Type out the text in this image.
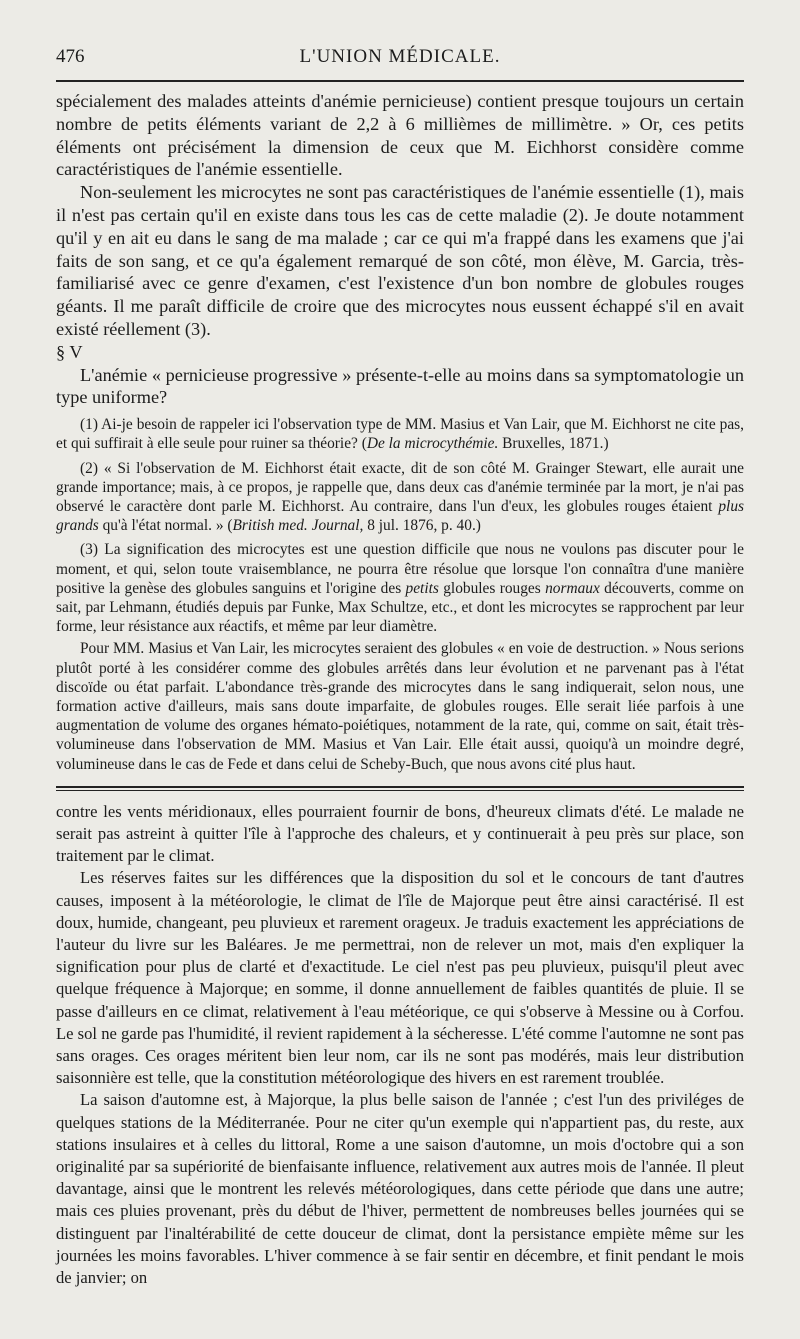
476	L'UNION MÉDICALE.

spécialement des malades atteints d'anémie pernicieuse) contient presque toujours un certain nombre de petits éléments variant de 2,2 à 6 millièmes de millimètre. » Or, ces petits éléments ont précisément la dimension de ceux que M. Eichhorst considère comme caractéristiques de l'anémie essentielle.

Non-seulement les microcytes ne sont pas caractéristiques de l'anémie essentielle (1), mais il n'est pas certain qu'il en existe dans tous les cas de cette maladie (2). Je doute notamment qu'il y en ait eu dans le sang de ma malade ; car ce qui m'a frappé dans les examens que j'ai faits de son sang, et ce qu'a également remarqué de son côté, mon élève, M. Garcia, très-familiarisé avec ce genre d'examen, c'est l'existence d'un bon nombre de globules rouges géants. Il me paraît difficile de croire que des microcytes nous eussent échappé s'il en avait existé réellement (3).

§ V

L'anémie « pernicieuse progressive » présente-t-elle au moins dans sa symptomatologie un type uniforme?

(1) Ai-je besoin de rappeler ici l'observation type de MM. Masius et Van Lair, que M. Eichhorst ne cite pas, et qui suffirait à elle seule pour ruiner sa théorie? (De la microcythémie. Bruxelles, 1871.)

(2) « Si l'observation de M. Eichhorst était exacte, dit de son côté M. Grainger Stewart, elle aurait une grande importance; mais, à ce propos, je rappelle que, dans deux cas d'anémie terminée par la mort, je n'ai pas observé le caractère dont parle M. Eichhorst. Au contraire, dans l'un d'eux, les globules rouges étaient plus grands qu'à l'état normal. » (British med. Journal, 8 jul. 1876, p. 40.)

(3) La signification des microcytes est une question difficile que nous ne voulons pas discuter pour le moment, et qui, selon toute vraisemblance, ne pourra être résolue que lorsque l'on connaîtra d'une manière positive la genèse des globules sanguins et l'origine des petits globules rouges normaux découverts, comme on sait, par Lehmann, étudiés depuis par Funke, Max Schultze, etc., et dont les microcytes se rapprochent par leur forme, leur résistance aux réactifs, et même par leur diamètre.

Pour MM. Masius et Van Lair, les microcytes seraient des globules « en voie de destruction. » Nous serions plutôt porté à les considérer comme des globules arrêtés dans leur évolution et ne parvenant pas à l'état discoïde ou état parfait. L'abondance très-grande des microcytes dans le sang indiquerait, selon nous, une formation active d'ailleurs, mais sans doute imparfaite, de globules rouges. Elle serait liée parfois à une augmentation de volume des organes hémato-poiétiques, notamment de la rate, qui, comme on sait, était très-volumineuse dans l'observation de MM. Masius et Van Lair. Elle était aussi, quoiqu'à un moindre degré, volumineuse dans le cas de Fede et dans celui de Scheby-Buch, que nous avons cité plus haut.

contre les vents méridionaux, elles pourraient fournir de bons, d'heureux climats d'été. Le malade ne serait pas astreint à quitter l'île à l'approche des chaleurs, et y continuerait à peu près sur place, son traitement par le climat.

Les réserves faites sur les différences que la disposition du sol et le concours de tant d'autres causes, imposent à la météorologie, le climat de l'île de Majorque peut être ainsi caractérisé. Il est doux, humide, changeant, peu pluvieux et rarement orageux. Je traduis exactement les appréciations de l'auteur du livre sur les Baléares. Je me permettrai, non de relever un mot, mais d'en expliquer la signification pour plus de clarté et d'exactitude. Le ciel n'est pas peu pluvieux, puisqu'il pleut avec quelque fréquence à Majorque; en somme, il donne annuellement de faibles quantités de pluie. Il se passe d'ailleurs en ce climat, relativement à l'eau météorique, ce qui s'observe à Messine ou à Corfou. Le sol ne garde pas l'humidité, il revient rapidement à la sécheresse. L'été comme l'automne ne sont pas sans orages. Ces orages méritent bien leur nom, car ils ne sont pas modérés, mais leur distribution saisonnière est telle, que la constitution météorologique des hivers en est rarement troublée.

La saison d'automne est, à Majorque, la plus belle saison de l'année ; c'est l'un des priviléges de quelques stations de la Méditerranée. Pour ne citer qu'un exemple qui n'appartient pas, du reste, aux stations insulaires et à celles du littoral, Rome a une saison d'automne, un mois d'octobre qui a son originalité par sa supériorité de bienfaisante influence, relativement aux autres mois de l'année. Il pleut davantage, ainsi que le montrent les relevés météorologiques, dans cette période que dans une autre; mais ces pluies provenant, près du début de l'hiver, permettent de nombreuses belles journées qui se distinguent par l'inaltérabilité de cette douceur de climat, dont la persistance empiète même sur les journées les moins favorables. L'hiver commence à se fair sentir en décembre, et finit pendant le mois de janvier; on
